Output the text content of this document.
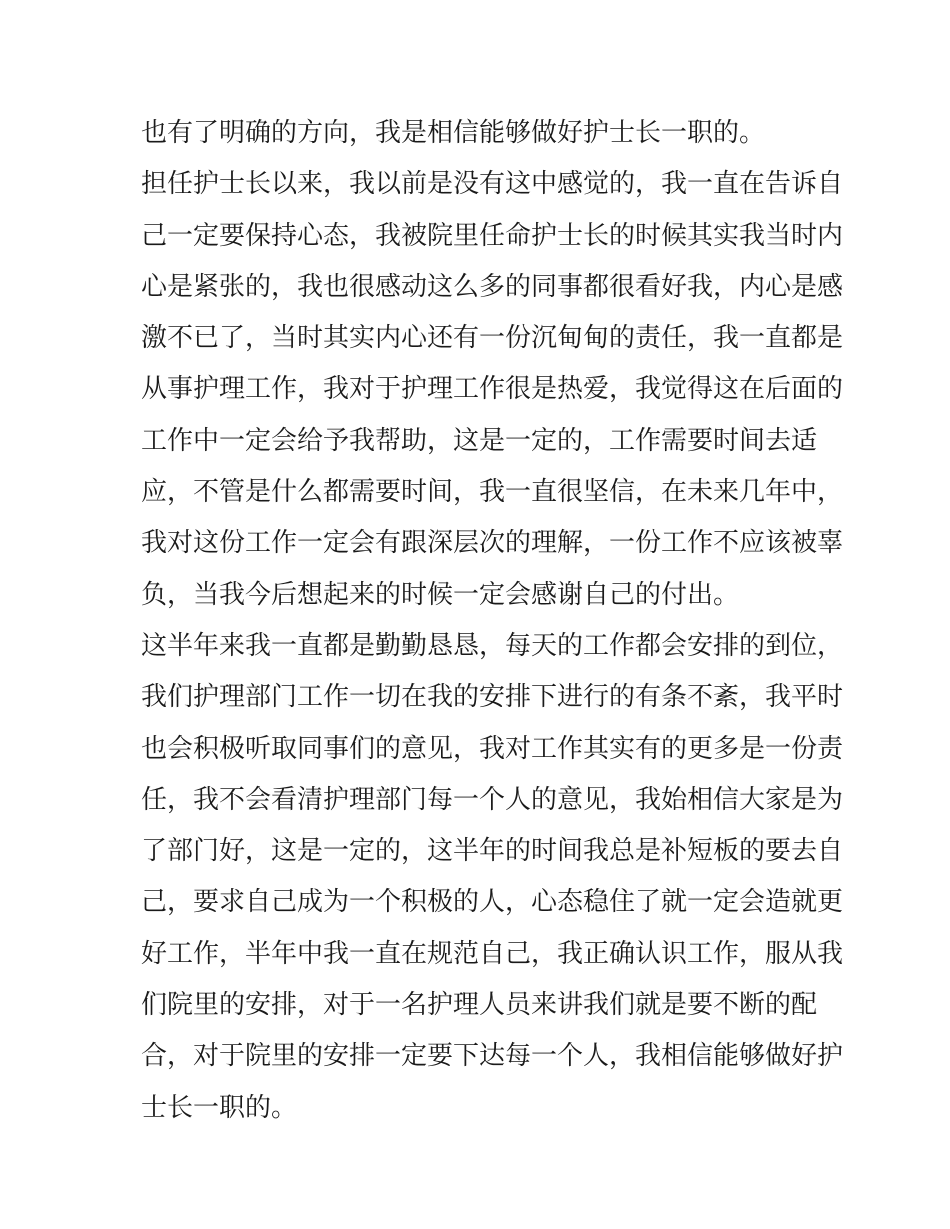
也有了明确的方向，我是相信能够做好护士长一职的。
担任护士长以来，我以前是没有这中感觉的，我一直在告诉自
己一定要保持心态，我被院里任命护士长的时候其实我当时内
心是紧张的，我也很感动这么多的同事都很看好我，内心是感
激不已了，当时其实内心还有一份沉甸甸的责任，我一直都是
从事护理工作，我对于护理工作很是热爱，我觉得这在后面的
工作中一定会给予我帮助，这是一定的，工作需要时间去适
应，不管是什么都需要时间，我一直很坚信，在未来几年中，
我对这份工作一定会有跟深层次的理解，一份工作不应该被辜
负，当我今后想起来的时候一定会感谢自己的付出。
这半年来我一直都是勤勤恳恳，每天的工作都会安排的到位，
我们护理部门工作一切在我的安排下进行的有条不紊，我平时
也会积极听取同事们的意见，我对工作其实有的更多是一份责
任，我不会看清护理部门每一个人的意见，我始相信大家是为
了部门好，这是一定的，这半年的时间我总是补短板的要去自
己，要求自己成为一个积极的人，心态稳住了就一定会造就更
好工作，半年中我一直在规范自己，我正确认识工作，服从我
们院里的安排，对于一名护理人员来讲我们就是要不断的配
合，对于院里的安排一定要下达每一个人，我相信能够做好护
士长一职的。
